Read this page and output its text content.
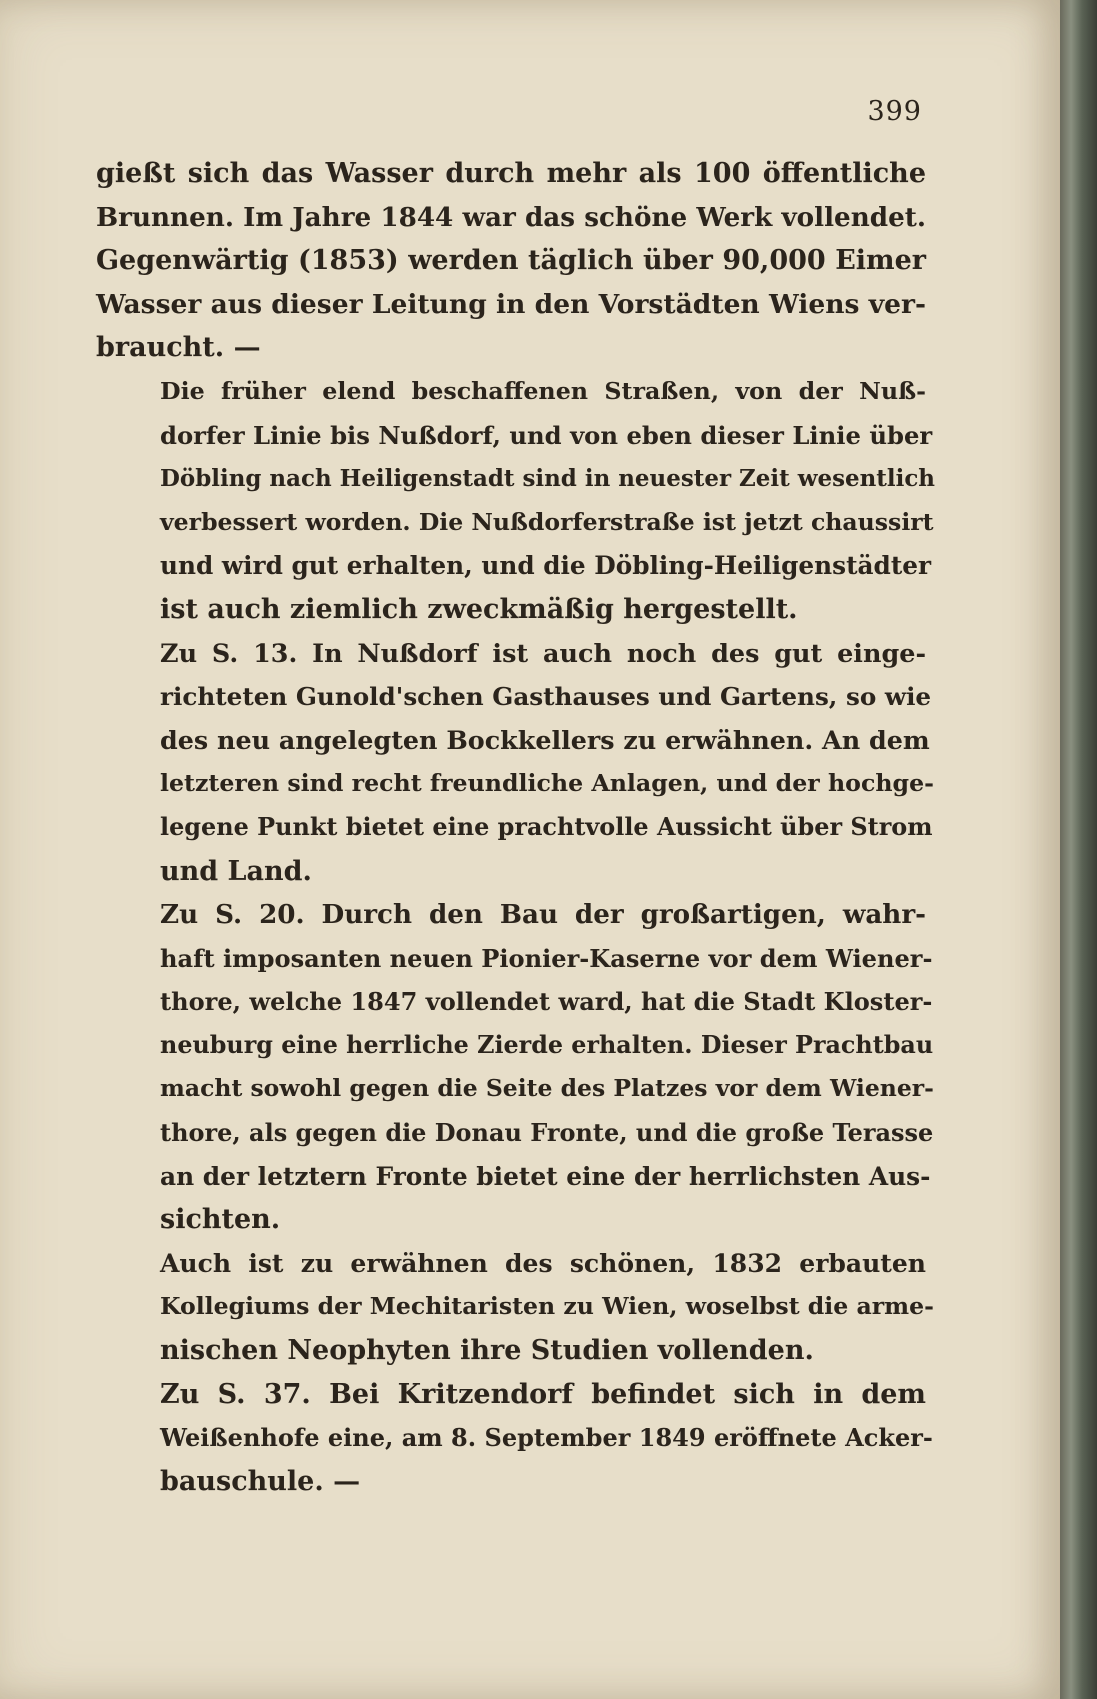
399

gießt sich das Wasser durch mehr als 100 öffentliche
Brunnen. Im Jahre 1844 war das schöne Werk vollendet.
Gegenwärtig (1853) werden täglich über 90,000 Eimer
Wasser aus dieser Leitung in den Vorstädten Wiens ver-
braucht. —

Die früher elend beschaffenen Straßen, von der Nuß-
dorfer Linie bis Nußdorf, und von eben dieser Linie über
Döbling nach Heiligenstadt sind in neuester Zeit wesentlich
verbessert worden. Die Nußdorferstraße ist jetzt chaussirt
und wird gut erhalten, und die Döbling-Heiligenstädter
ist auch ziemlich zweckmäßig hergestellt.

Zu S. 13. In Nußdorf ist auch noch des gut einge-
richteten Gunold'schen Gasthauses und Gartens, so wie
des neu angelegten Bockkellers zu erwähnen. An dem
letzteren sind recht freundliche Anlagen, und der hochge-
legene Punkt bietet eine prachtvolle Aussicht über Strom
und Land.

Zu S. 20. Durch den Bau der großartigen, wahr-
haft imposanten neuen Pionier-Kaserne vor dem Wiener-
thore, welche 1847 vollendet ward, hat die Stadt Kloster-
neuburg eine herrliche Zierde erhalten. Dieser Prachtbau
macht sowohl gegen die Seite des Platzes vor dem Wiener-
thore, als gegen die Donau Fronte, und die große Terasse
an der letztern Fronte bietet eine der herrlichsten Aus-
sichten.

Auch ist zu erwähnen des schönen, 1832 erbauten
Kollegiums der Mechitaristen zu Wien, woselbst die arme-
nischen Neophyten ihre Studien vollenden.

Zu S. 37. Bei Kritzendorf befindet sich in dem
Weißenhofe eine, am 8. September 1849 eröffnete Acker-
bauschule. —
